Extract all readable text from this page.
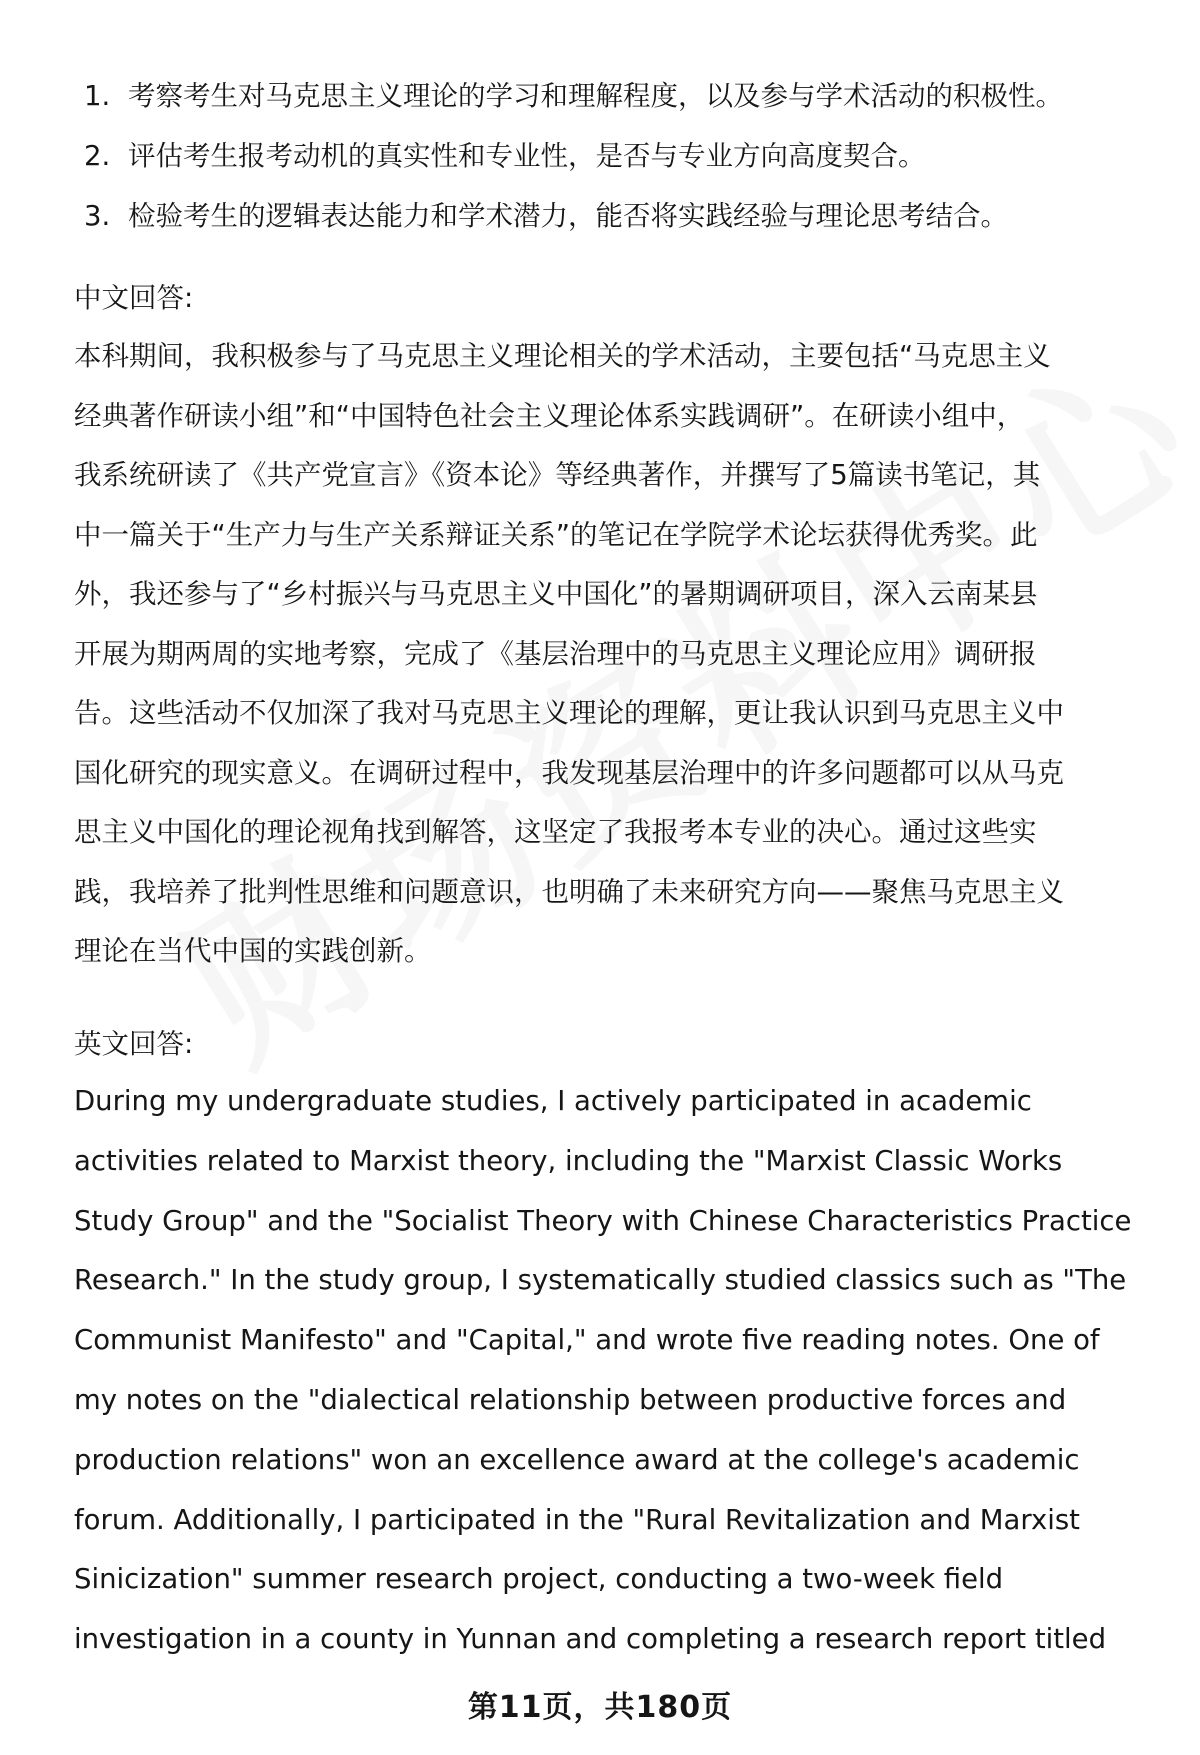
1. 考察考生对马克思主义理论的学习和理解程度，以及参与学术活动的积极性。
2. 评估考生报考动机的真实性和专业性，是否与专业方向高度契合。
3. 检验考生的逻辑表达能力和学术潜力，能否将实践经验与理论思考结合。

中文回答:

本科期间，我积极参与了马克思主义理论相关的学术活动，主要包括“马克思主义
经典著作研读小组”和“中国特色社会主义理论体系实践调研”。在研读小组中，
我系统研读了《共产党宣言》《资本论》等经典著作，并撰写了5篇读书笔记，其
中一篇关于“生产力与生产关系辩证关系”的笔记在学院学术论坛获得优秀奖。此
外，我还参与了“乡村振兴与马克思主义中国化”的暑期调研项目，深入云南某县
开展为期两周的实地考察，完成了《基层治理中的马克思主义理论应用》调研报
告。这些活动不仅加深了我对马克思主义理论的理解，更让我认识到马克思主义中
国化研究的现实意义。在调研过程中，我发现基层治理中的许多问题都可以从马克
思主义中国化的理论视角找到解答，这坚定了我报考本专业的决心。通过这些实
践，我培养了批判性思维和问题意识，也明确了未来研究方向——聚焦马克思主义
理论在当代中国的实践创新。

英文回答:

During my undergraduate studies, I actively participated in academic
activities related to Marxist theory, including the "Marxist Classic Works
Study Group" and the "Socialist Theory with Chinese Characteristics Practice
Research." In the study group, I systematically studied classics such as "The
Communist Manifesto" and "Capital," and wrote five reading notes. One of
my notes on the "dialectical relationship between productive forces and
production relations" won an excellence award at the college's academic
forum. Additionally, I participated in the "Rural Revitalization and Marxist
Sinicization" summer research project, conducting a two-week field
investigation in a county in Yunnan and completing a research report titled
第11页，共180页
